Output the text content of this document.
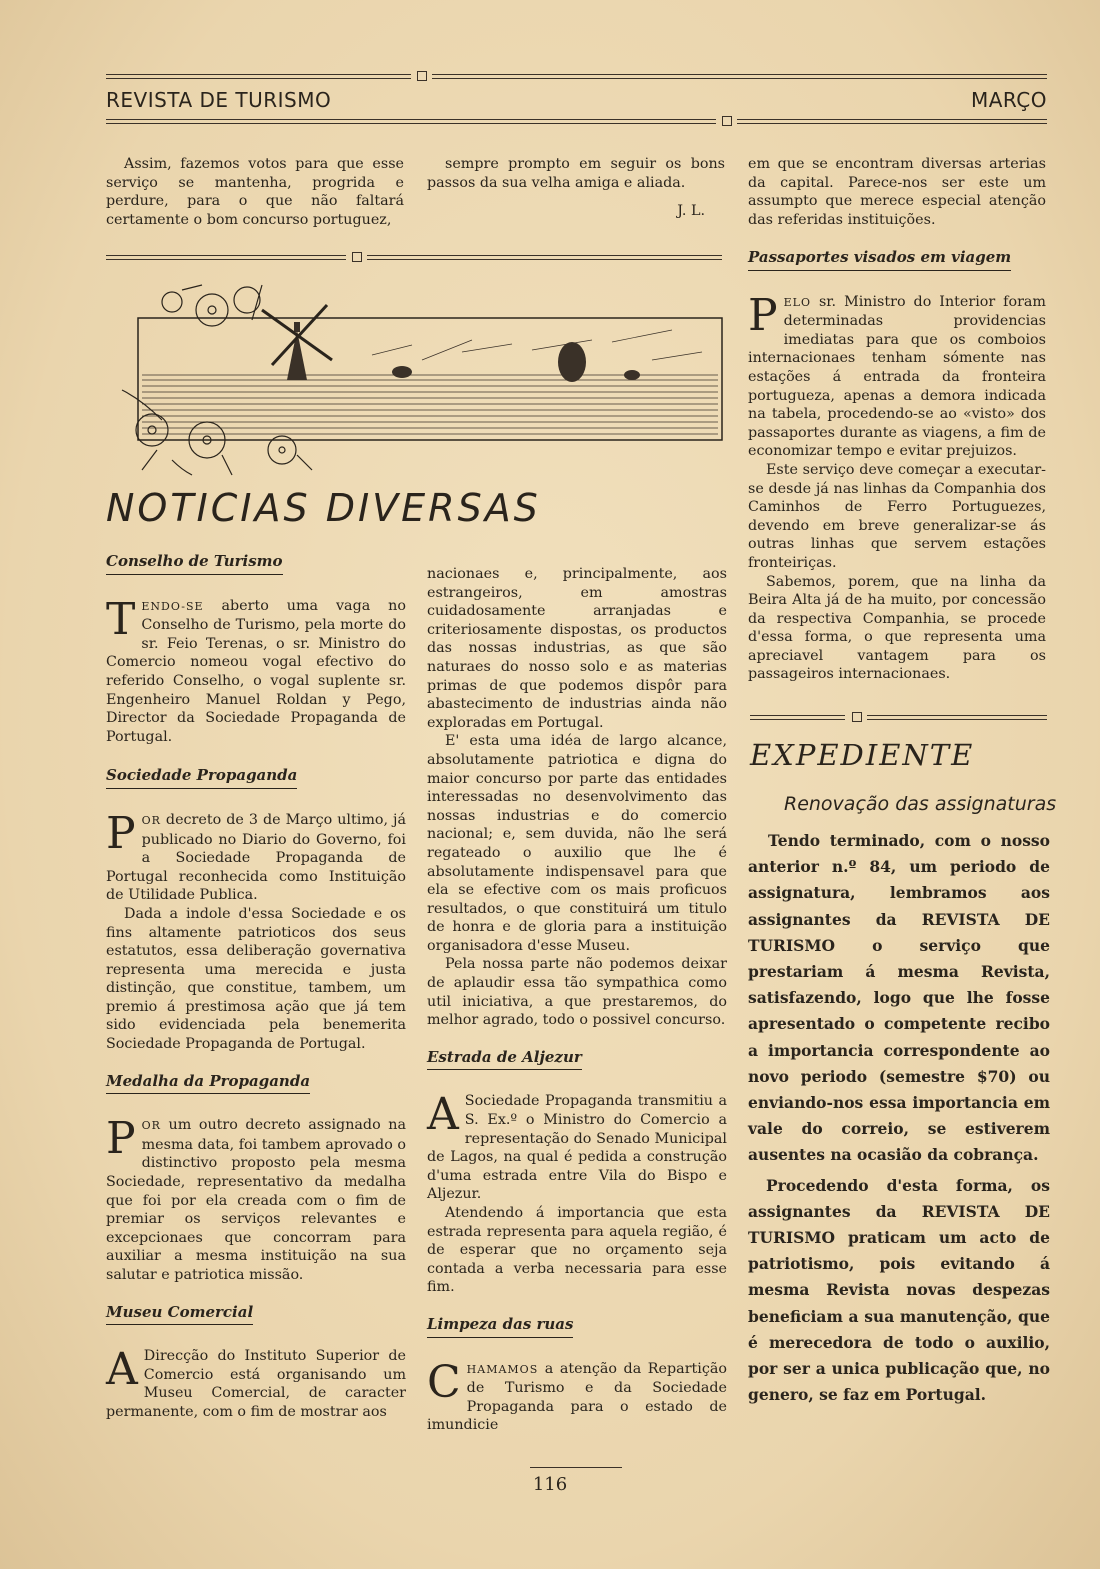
REVISTA DE TURISMO	MARÇO

Assim, fazemos votos para que esse serviço se mantenha, progrida e perdure, para o que não faltará certamente o bom concurso portuguez,

sempre prompto em seguir os bons passos da sua velha amiga e aliada.

J. L.

em que se encontram diversas arterias da capital. Parece-nos ser este um assumpto que merece especial atenção das referidas instituições.

NOTICIAS DIVERSAS
Conselho de Turismo

TENDO-SE aberto uma vaga no Conselho de Turismo, pela morte do sr. Feio Terenas, o sr. Ministro do Comercio nomeou vogal efectivo do referido Conselho, o vogal suplente sr. Engenheiro Manuel Roldan y Pego, Director da Sociedade Propaganda de Portugal.

Sociedade Propaganda

POR decreto de 3 de Março ultimo, já publicado no Diario do Governo, foi a Sociedade Propaganda de Portugal reconhecida como Instituição de Utilidade Publica.

Dada a indole d'essa Sociedade e os fins altamente patrioticos dos seus estatutos, essa deliberação governativa representa uma merecida e justa distinção, que constitue, tambem, um premio á prestimosa ação que já tem sido evidenciada pela benemerita Sociedade Propaganda de Portugal.

Medalha da Propaganda

POR um outro decreto assignado na mesma data, foi tambem aprovado o distinctivo proposto pela mesma Sociedade, representativo da medalha que foi por ela creada com o fim de premiar os serviços relevantes e excepcionaes que concorram para auxiliar a mesma instituição na sua salutar e patriotica missão.

Museu Comercial

A Direcção do Instituto Superior de Comercio está organisando um Museu Comercial, de caracter permanente, com o fim de mostrar aos

nacionaes e, principalmente, aos estrangeiros, em amostras cuidadosamente arranjadas e criteriosamente dispostas, os productos das nossas industrias, as que são naturaes do nosso solo e as materias primas de que podemos dispôr para abastecimento de industrias ainda não exploradas em Portugal.

E' esta uma idéa de largo alcance, absolutamente patriotica e digna do maior concurso por parte das entidades interessadas no desenvolvimento das nossas industrias e do comercio nacional; e, sem duvida, não lhe será regateado o auxilio que lhe é absolutamente indispensavel para que ela se efective com os mais proficuos resultados, o que constituirá um titulo de honra e de gloria para a instituição organisadora d'esse Museu.

Pela nossa parte não podemos deixar de aplaudir essa tão sympathica como util iniciativa, a que prestaremos, do melhor agrado, todo o possivel concurso.

Estrada de Aljezur

A Sociedade Propaganda transmitiu a S. Ex.º o Ministro do Comercio a representação do Senado Municipal de Lagos, na qual é pedida a construção d'uma estrada entre Vila do Bispo e Aljezur.

Atendendo á importancia que esta estrada representa para aquela região, é de esperar que no orçamento seja contada a verba necessaria para esse fim.

Limpeza das ruas

CHAMAMOS a atenção da Repartição de Turismo e da Sociedade Propaganda para o estado de imundicie

Passaportes visados em viagem

PELO sr. Ministro do Interior foram determinadas providencias imediatas para que os comboios internacionaes tenham sómente nas estações á entrada da fronteira portugueza, apenas a demora indicada na tabela, procedendo-se ao «visto» dos passaportes durante as viagens, a fim de economizar tempo e evitar prejuizos.

Este serviço deve começar a executar-se desde já nas linhas da Companhia dos Caminhos de Ferro Portuguezes, devendo em breve generalizar-se ás outras linhas que servem estações fronteiriças.

Sabemos, porem, que na linha da Beira Alta já de ha muito, por concessão da respectiva Companhia, se procede d'essa forma, o que representa uma apreciavel vantagem para os passageiros internacionaes.

EXPEDIENTE
Renovação das assignaturas

Tendo terminado, com o nosso anterior n.º 84, um periodo de assignatura, lembramos aos assignantes da REVISTA DE TURISMO o serviço que prestariam á mesma Revista, satisfazendo, logo que lhe fosse apresentado o competente recibo a importancia correspondente ao novo periodo (semestre $70) ou enviando-nos essa importancia em vale do correio, se estiverem ausentes na ocasião da cobrança.

Procedendo d'esta forma, os assignantes da REVISTA DE TURISMO praticam um acto de patriotismo, pois evitando á mesma Revista novas despezas beneficiam a sua manutenção, que é merecedora de todo o auxilio, por ser a unica publicação que, no genero, se faz em Portugal.

116
